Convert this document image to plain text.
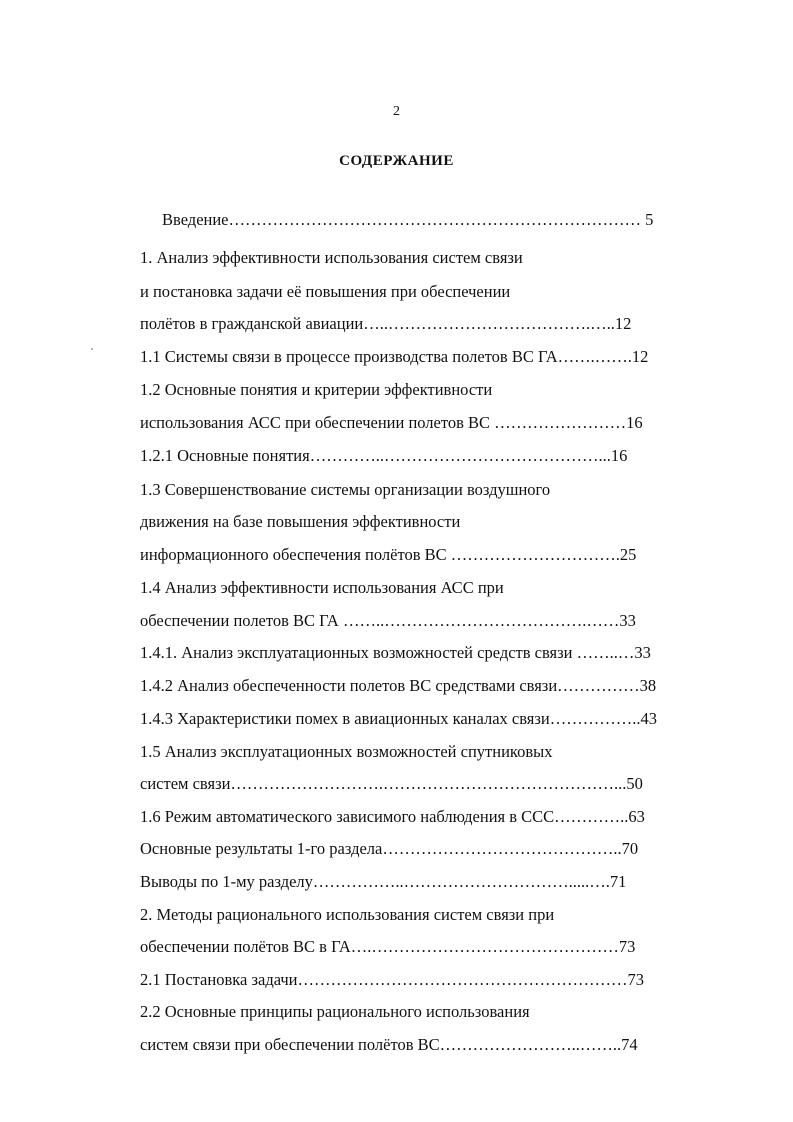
2
СОДЕРЖАНИЕ
Введение………………………………………………………………… 5
1. Анализ эффективности использования систем связи
и постановка задачи её повышения при обеспечении
полётов в гражданской авиации…..……………………………….…..12
1.1 Системы связи в процессе производства полетов ВС ГА…….…….12
1.2 Основные понятия и критерии эффективности
использования АСС при обеспечении полетов ВС ……………………16
1.2.1 Основные понятия…………..…………………………………...16
1.3 Совершенствование системы организации воздушного
движения на базе повышения эффективности
информационного обеспечения полётов ВС ………………………….25
1.4 Анализ эффективности использования АСС при
обеспечении полетов ВС ГА ……..……………………………….……33
1.4.1. Анализ эксплуатационных возможностей средств связи ……..…33
1.4.2 Анализ обеспеченности полетов ВС средствами связи……………38
1.4.3 Характеристики помех в авиационных каналах связи……………..43
1.5 Анализ эксплуатационных возможностей спутниковых
систем связи……………………….……………………………………...50
1.6 Режим автоматического зависимого наблюдения в ССС…………..63
Основные результаты 1-го раздела……………………………………..70
Выводы по 1-му разделу……………..………………………….....….71
2. Методы рационального использования систем связи при
обеспечении полётов ВС в ГА….………………………………………73
2.1 Постановка задачи……………………………………………………73
2.2 Основные принципы рационального использования
систем связи при обеспечении полётов ВС……………………..……..74
